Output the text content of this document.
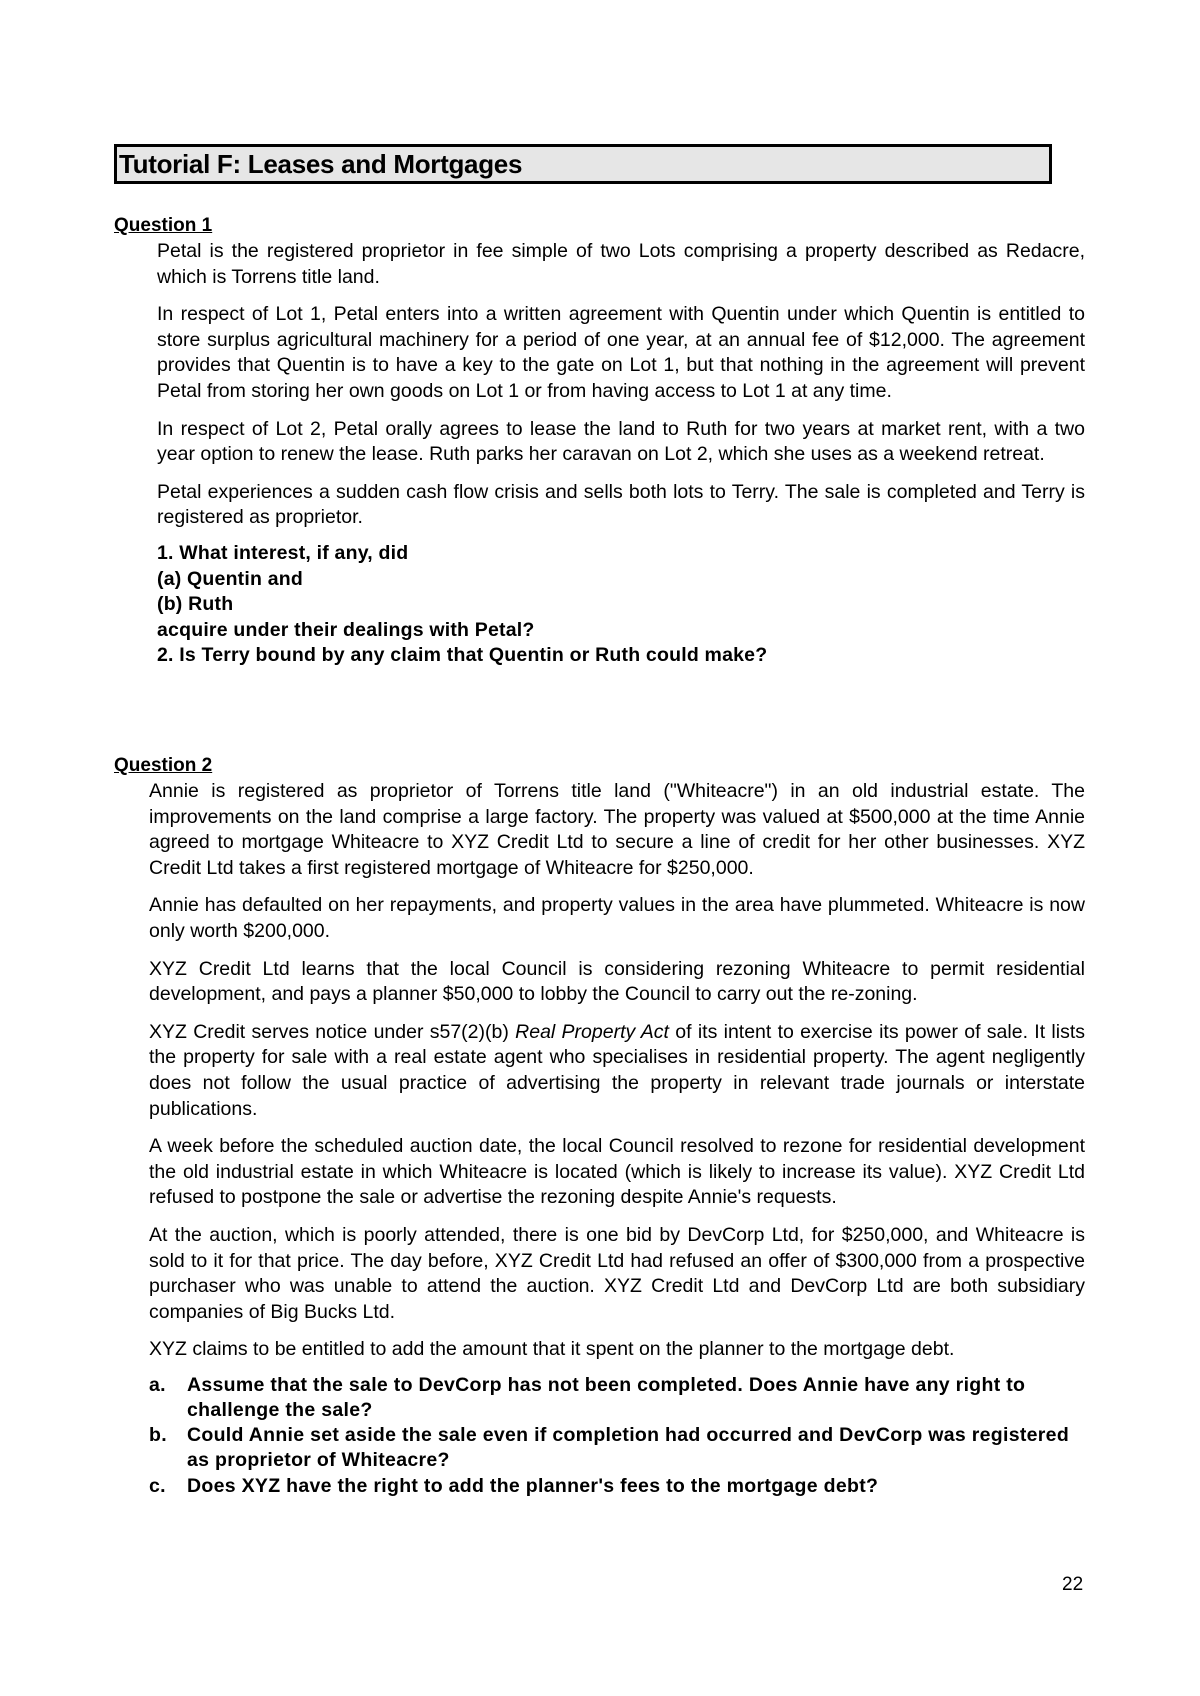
Tutorial F: Leases and Mortgages
Question 1

Petal is the registered proprietor in fee simple of two Lots comprising a property described as Redacre, which is Torrens title land.

In respect of Lot 1, Petal enters into a written agreement with Quentin under which Quentin is entitled to store surplus agricultural machinery for a period of one year, at an annual fee of $12,000. The agreement provides that Quentin is to have a key to the gate on Lot 1, but that nothing in the agreement will prevent Petal from storing her own goods on Lot 1 or from having access to Lot 1 at any time.

In respect of Lot 2, Petal orally agrees to lease the land to Ruth for two years at market rent, with a two year option to renew the lease. Ruth parks her caravan on Lot 2, which she uses as a weekend retreat.

Petal experiences a sudden cash flow crisis and sells both lots to Terry. The sale is completed and Terry is registered as proprietor.

1. What interest, if any, did
(a) Quentin and
(b) Ruth
acquire under their dealings with Petal?
2. Is Terry bound by any claim that Quentin or Ruth could make?
Question 2

Annie is registered as proprietor of Torrens title land ("Whiteacre") in an old industrial estate. The improvements on the land comprise a large factory. The property was valued at $500,000 at the time Annie agreed to mortgage Whiteacre to XYZ Credit Ltd to secure a line of credit for her other businesses. XYZ Credit Ltd takes a first registered mortgage of Whiteacre for $250,000.

Annie has defaulted on her repayments, and property values in the area have plummeted. Whiteacre is now only worth $200,000.

XYZ Credit Ltd learns that the local Council is considering rezoning Whiteacre to permit residential development, and pays a planner $50,000 to lobby the Council to carry out the re-zoning.

XYZ Credit serves notice under s57(2)(b) Real Property Act of its intent to exercise its power of sale. It lists the property for sale with a real estate agent who specialises in residential property. The agent negligently does not follow the usual practice of advertising the property in relevant trade journals or interstate publications.

A week before the scheduled auction date, the local Council resolved to rezone for residential development the old industrial estate in which Whiteacre is located (which is likely to increase its value). XYZ Credit Ltd refused to postpone the sale or advertise the rezoning despite Annie's requests.

At the auction, which is poorly attended, there is one bid by DevCorp Ltd, for $250,000, and Whiteacre is sold to it for that price. The day before, XYZ Credit Ltd had refused an offer of $300,000 from a prospective purchaser who was unable to attend the auction. XYZ Credit Ltd and DevCorp Ltd are both subsidiary companies of Big Bucks Ltd.

XYZ claims to be entitled to add the amount that it spent on the planner to the mortgage debt.

a.	Assume that the sale to DevCorp has not been completed. Does Annie have any right to challenge the sale?
b.	Could Annie set aside the sale even if completion had occurred and DevCorp was registered as proprietor of Whiteacre?
c.	Does XYZ have the right to add the planner's fees to the mortgage debt?
22
